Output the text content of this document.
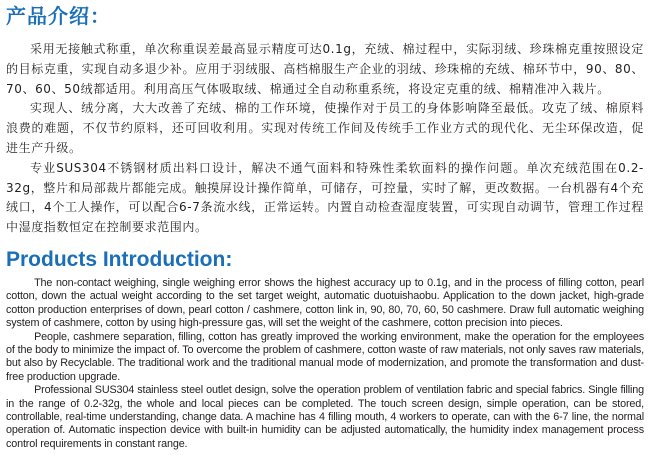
产品介绍：

采用无接触式称重，单次称重误差最高显示精度可达0.1g，充绒、棉过程中，实际羽绒、珍珠棉克重按照设定的目标克重，实现自动多退少补。应用于羽绒服、高档棉服生产企业的羽绒、珍珠棉的充绒、棉环节中，90、80、70、60、50绒都适用。利用高压气体吸取绒、棉通过全自动称重系统，将设定克重的绒、棉精准冲入栽片。

实现人、绒分离，大大改善了充绒、棉的工作环境，使操作对于员工的身体影响降至最低。攻克了绒、棉原料浪费的难题，不仅节约原料，还可回收利用。实现对传统工作间及传统手工作业方式的现代化、无尘环保改造，促进生产升级。

专业SUS304不锈钢材质出料口设计，解决不通气面料和特殊性柔软面料的操作问题。单次充绒范围在0.2-32g，整片和局部裁片都能完成。触摸屏设计操作简单，可储存，可控量，实时了解，更改数据。一台机器有4个充绒口，4个工人操作，可以配合6-7条流水线，正常运转。内置自动检查湿度装置，可实现自动调节，管理工作过程中湿度指数恒定在控制要求范围内。

Products Introduction:

The non-contact weighing, single weighing error shows the highest accuracy up to 0.1g, and in the process of filling cotton, pearl cotton, down the actual weight according to the set target weight, automatic duotuishaobu. Application to the down jacket, high-grade cotton production enterprises of down, pearl cotton / cashmere, cotton link in, 90, 80, 70, 60, 50 cashmere. Draw full automatic weighing system of cashmere, cotton by using high-pressure gas, will set the weight of the cashmere, cotton precision into pieces.

People, cashmere separation, filling, cotton has greatly improved the working environment, make the operation for the employees of the body to minimize the impact of. To overcome the problem of cashmere, cotton waste of raw materials, not only saves raw materials, but also by Recyclable. The traditional work and the traditional manual mode of modernization, and promote the transformation and dust-free production upgrade.

Professional SUS304 stainless steel outlet design, solve the operation problem of ventilation fabric and special fabrics. Single filling in the range of 0.2-32g, the whole and local pieces can be completed. The touch screen design, simple operation, can be stored, controllable, real-time understanding, change data. A machine has 4 filling mouth, 4 workers to operate, can with the 6-7 line, the normal operation of. Automatic inspection device with built-in humidity can be adjusted automatically, the humidity index management process control requirements in constant range.
